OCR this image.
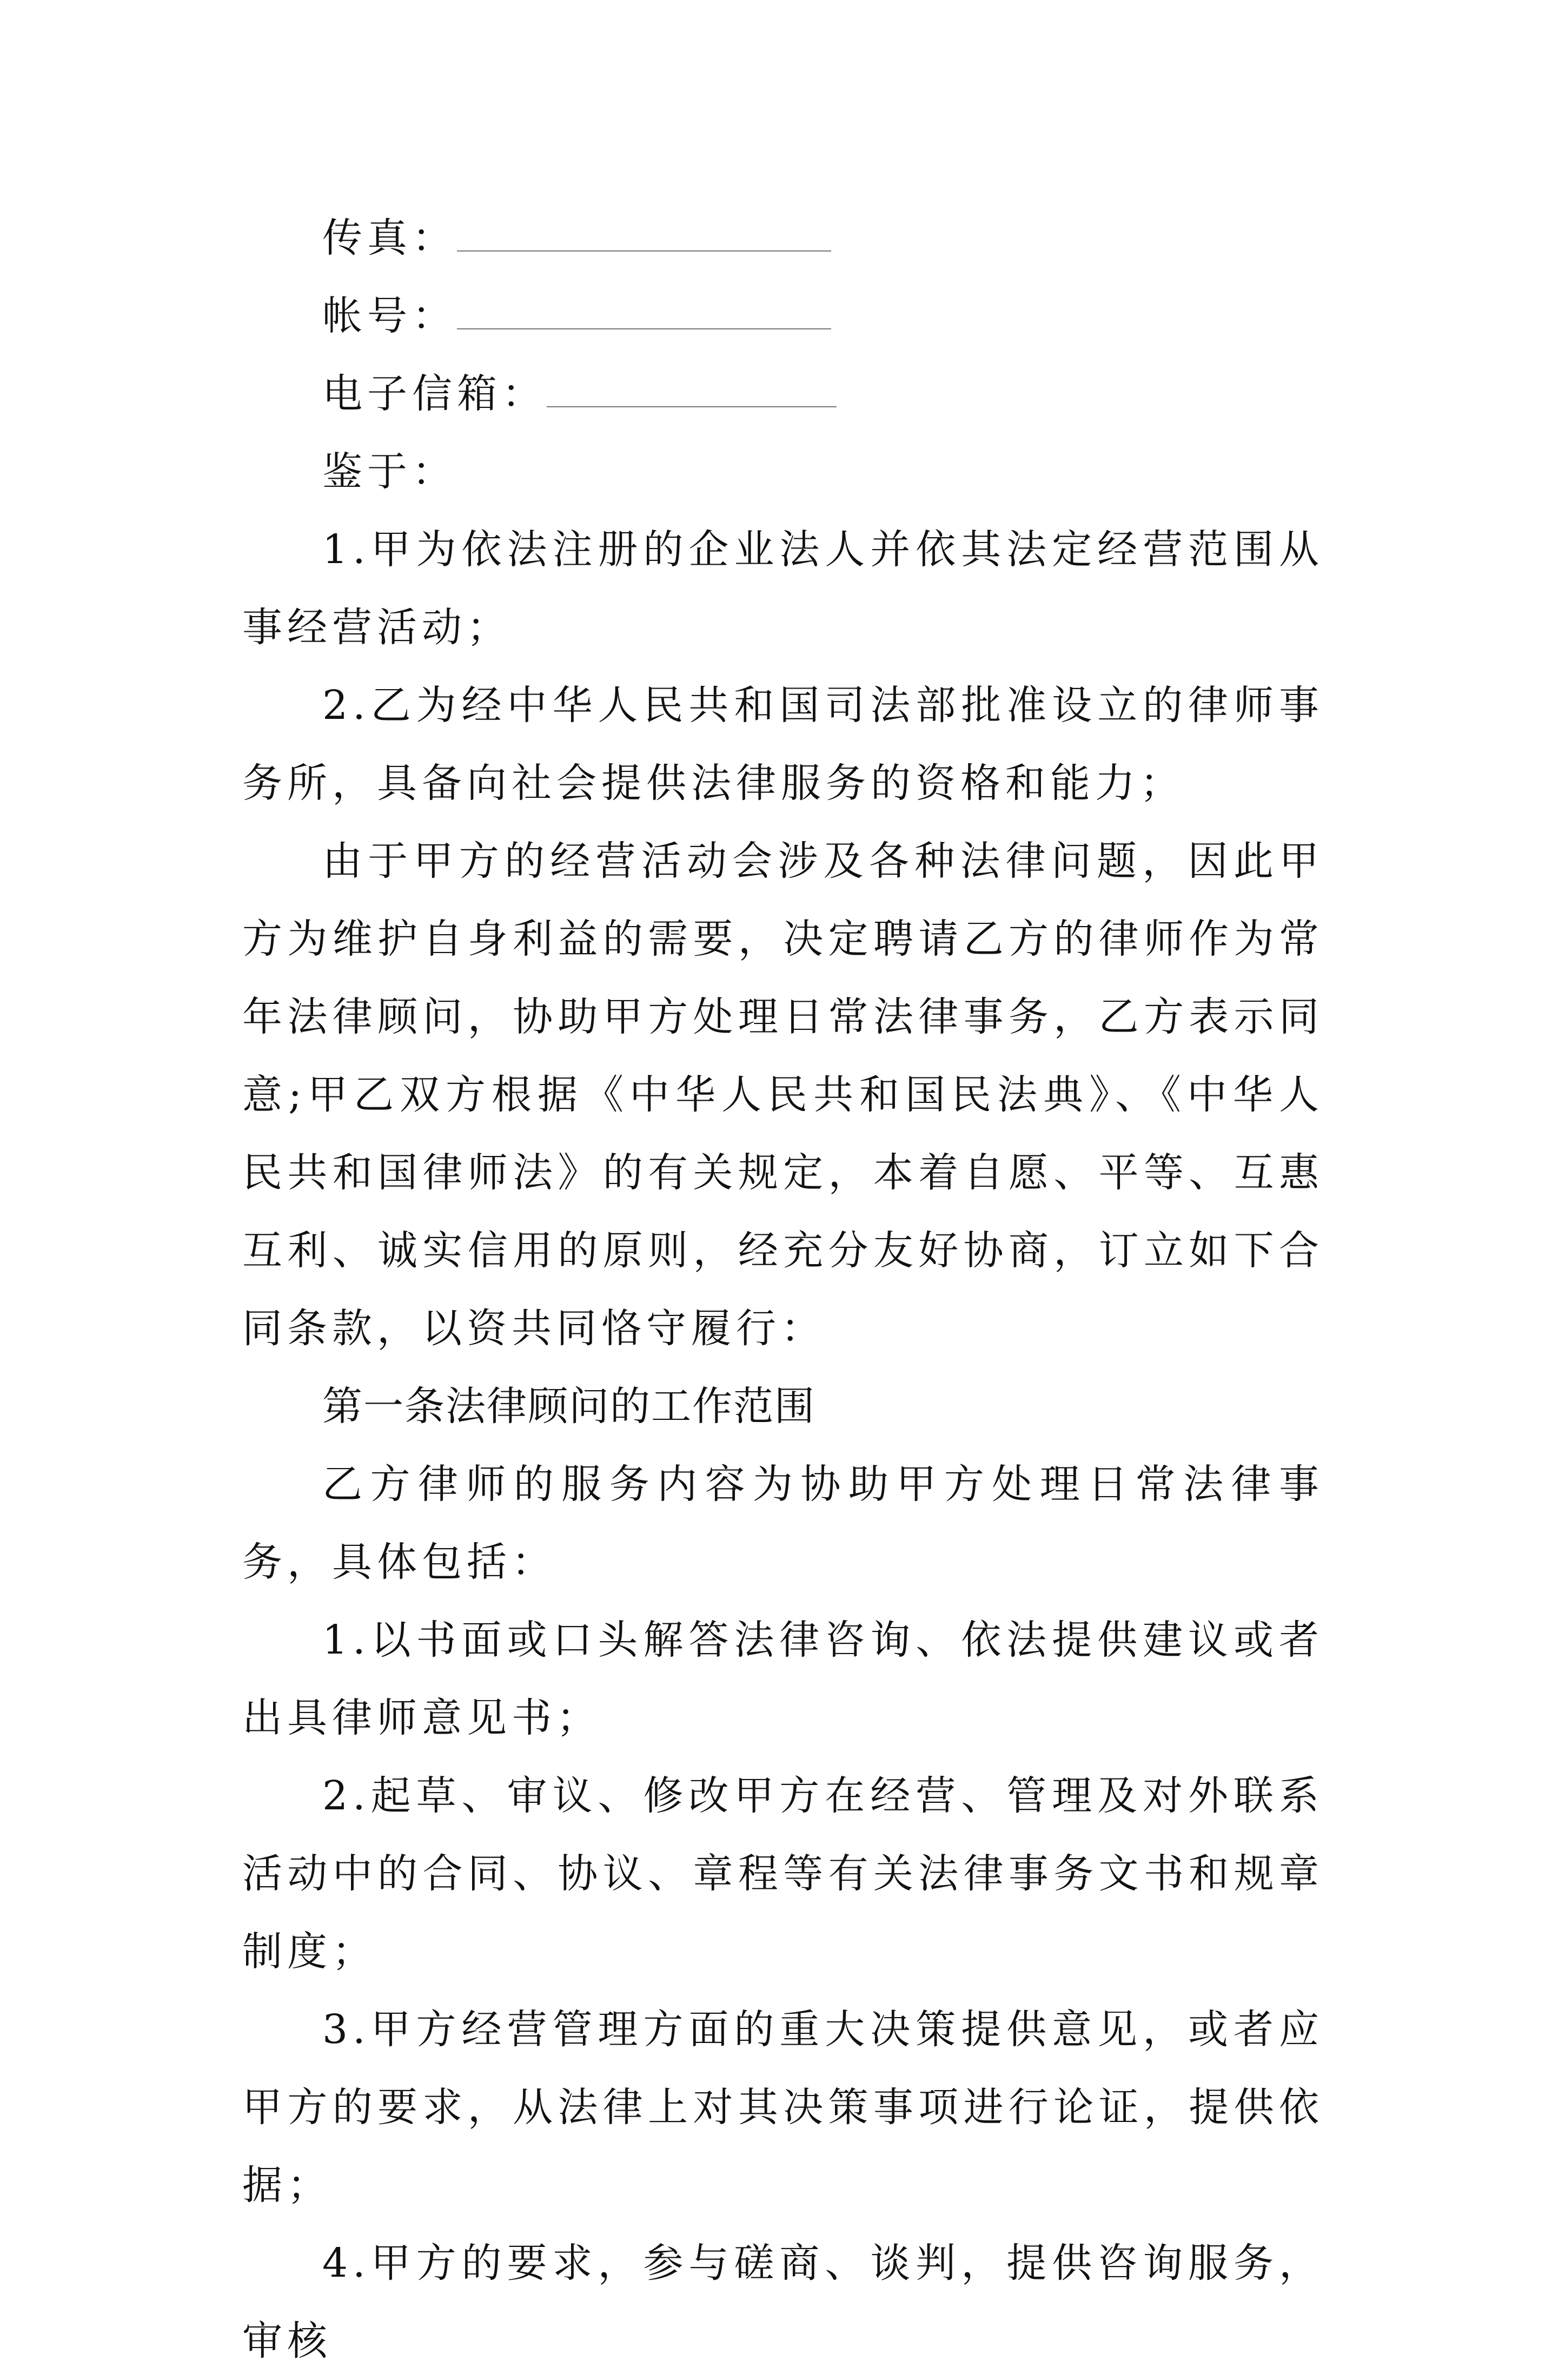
传真：
帐号：
电子信箱：

鉴于：

1.甲为依法注册的企业法人并依其法定经营范围从事经营活动；

2.乙为经中华人民共和国司法部批准设立的律师事务所，具备向社会提供法律服务的资格和能力；

由于甲方的经营活动会涉及各种法律问题，因此甲方为维护自身利益的需要，决定聘请乙方的律师作为常年法律顾问，协助甲方处理日常法律事务，乙方表示同意;甲乙双方根据《中华人民共和国民法典》、《中华人民共和国律师法》的有关规定，本着自愿、平等、互惠互利、诚实信用的原则，经充分友好协商，订立如下合同条款，以资共同恪守履行：

第一条法律顾问的工作范围

乙方律师的服务内容为协助甲方处理日常法律事务，具体包括：

1.以书面或口头解答法律咨询、依法提供建议或者出具律师意见书；

2.起草、审议、修改甲方在经营、管理及对外联系活动中的合同、协议、章程等有关法律事务文书和规章制度；

3.甲方经营管理方面的重大决策提供意见，或者应甲方的要求，从法律上对其决策事项进行论证，提供依据；

4.甲方的要求，参与磋商、谈判，提供咨询服务，审核
